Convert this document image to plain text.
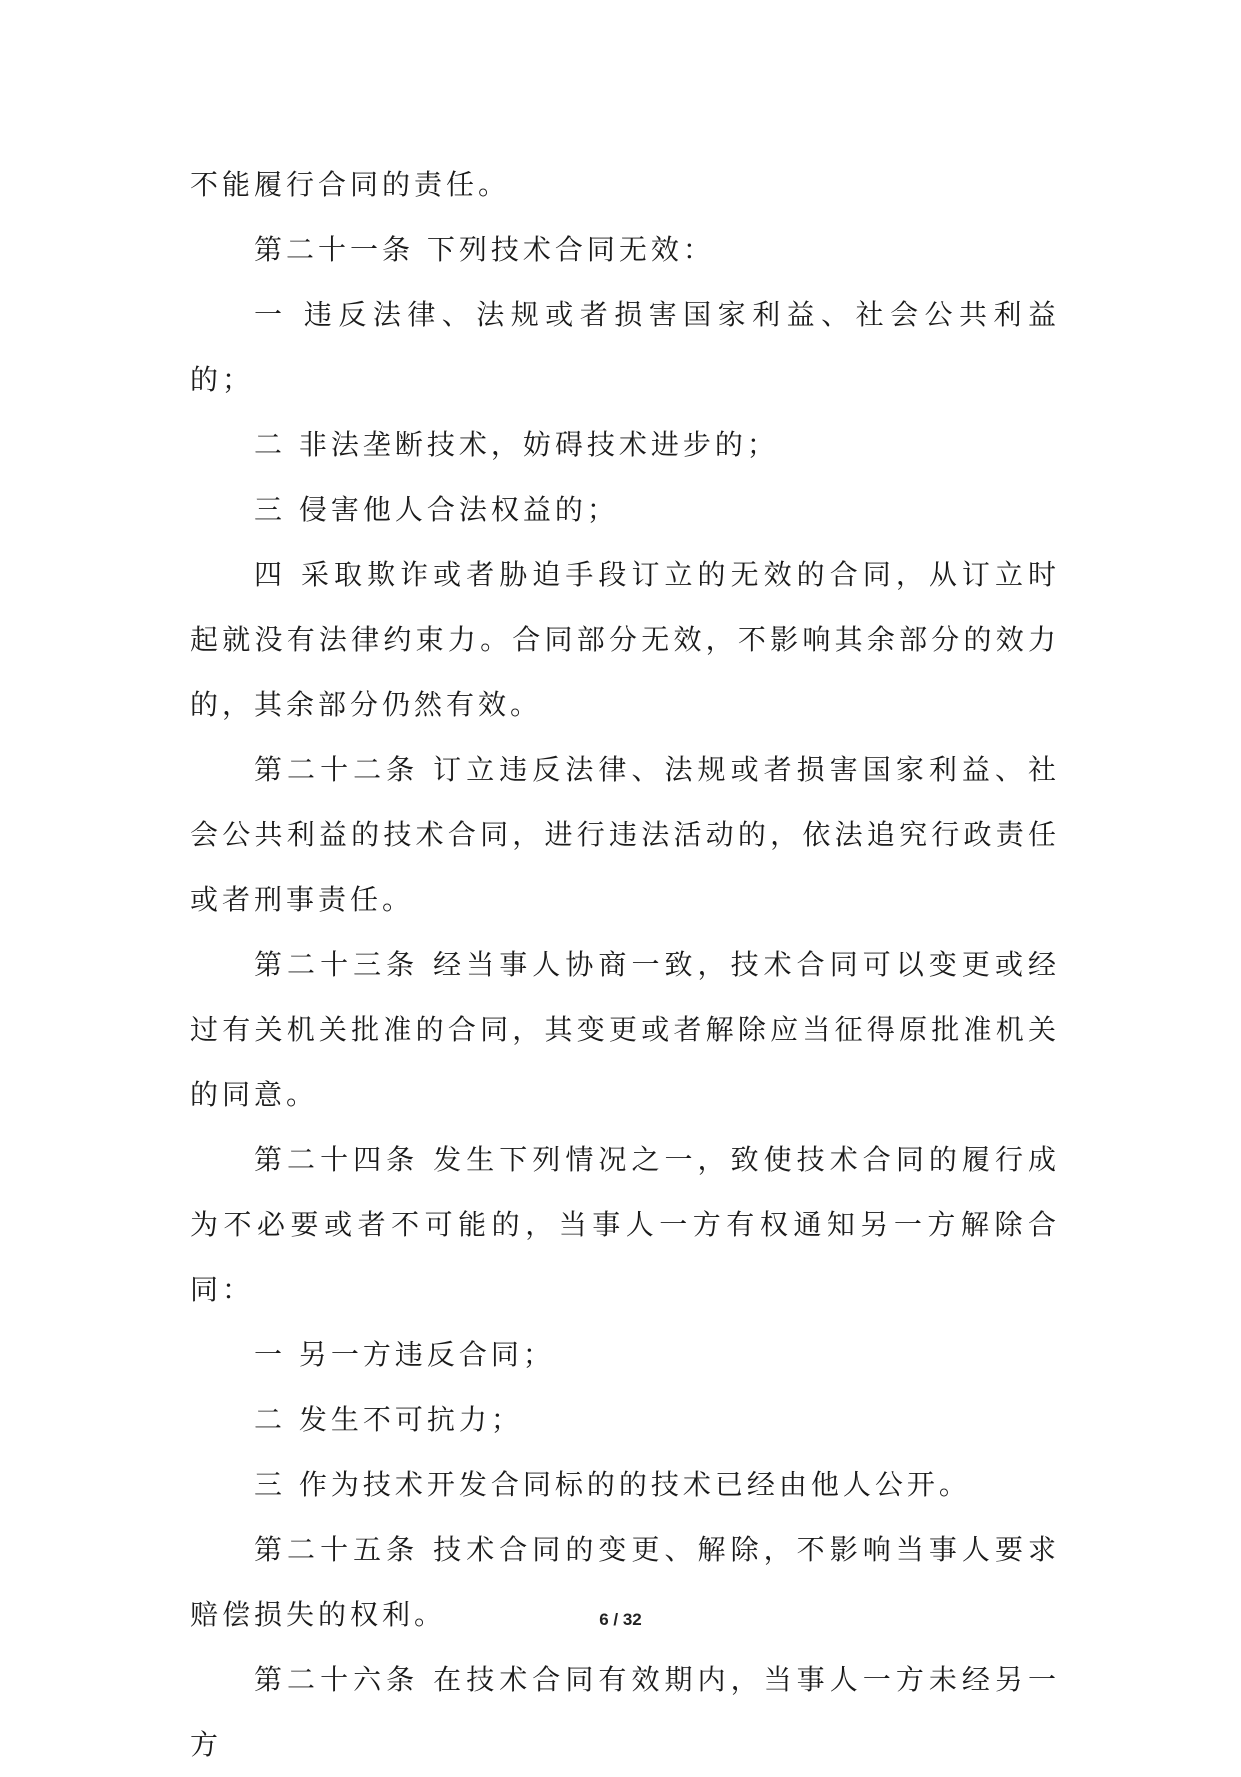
不能履行合同的责任。

第二十一条 下列技术合同无效：

一 违反法律、法规或者损害国家利益、社会公共利益的；

二 非法垄断技术，妨碍技术进步的；

三 侵害他人合法权益的；

四 采取欺诈或者胁迫手段订立的无效的合同，从订立时起就没有法律约束力。合同部分无效，不影响其余部分的效力的，其余部分仍然有效。

第二十二条 订立违反法律、法规或者损害国家利益、社会公共利益的技术合同，进行违法活动的，依法追究行政责任或者刑事责任。

第二十三条 经当事人协商一致，技术合同可以变更或经过有关机关批准的合同，其变更或者解除应当征得原批准机关的同意。

第二十四条 发生下列情况之一，致使技术合同的履行成为不必要或者不可能的，当事人一方有权通知另一方解除合同：

一 另一方违反合同；

二 发生不可抗力；

三 作为技术开发合同标的的技术已经由他人公开。

第二十五条 技术合同的变更、解除，不影响当事人要求赔偿损失的权利。

第二十六条 在技术合同有效期内，当事人一方未经另一方

6 / 32
